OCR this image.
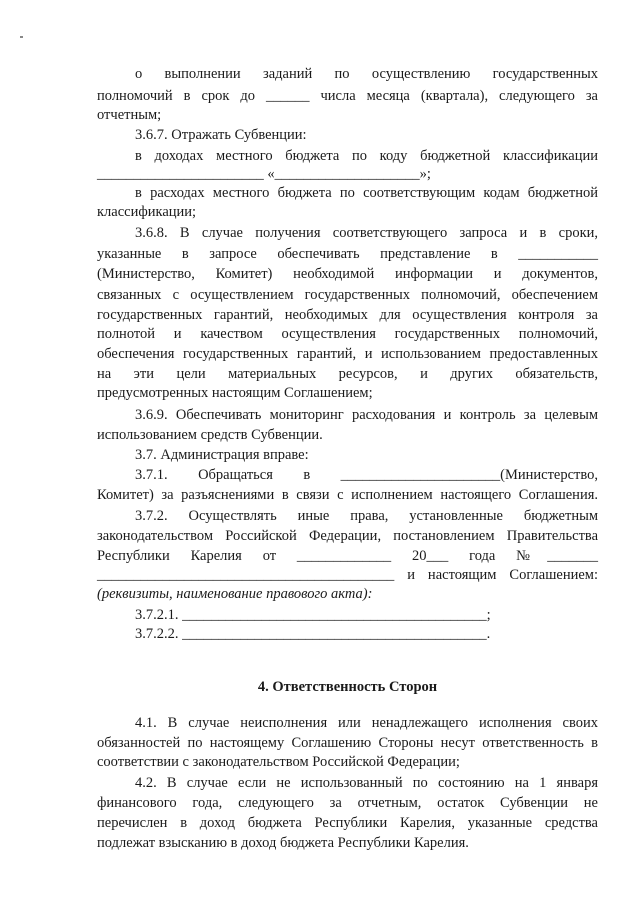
о выполнении заданий по осуществлению государственных
полномочий в срок до ______ числа месяца (квартала), следующего за
отчетным;
3.6.7. Отражать Субвенции:
в доходах местного бюджета по коду бюджетной классификации
_______________________ «____________________»;
в расходах местного бюджета по соответствующим кодам бюджетной
классификации;
3.6.8. В случае получения соответствующего запроса и в сроки,
указанные в запросе обеспечивать представление в ___________
(Министерство, Комитет) необходимой информации и документов,
связанных с осуществлением государственных полномочий, обеспечением
государственных гарантий, необходимых для осуществления контроля за
полнотой и качеством осуществления государственных полномочий,
обеспечения государственных гарантий, и использованием предоставленных
на эти цели материальных ресурсов, и других обязательств,
предусмотренных настоящим Соглашением;
3.6.9. Обеспечивать мониторинг расходования и контроль за целевым
использованием средств Субвенции.
3.7. Администрация вправе:
3.7.1. Обращаться в ______________________(Министерство,
Комитет) за разъяснениями в связи с исполнением настоящего Соглашения.
3.7.2. Осуществлять иные права, установленные бюджетным
законодательством Российской Федерации, постановлением Правительства
Республики Карелия от _____________ 20___ года №_______
_________________________________________ и настоящим Соглашением:
(реквизиты, наименование правового акта):
3.7.2.1. __________________________________________;
3.7.2.2. __________________________________________.
4. Ответственность Сторон
4.1. В случае неисполнения или ненадлежащего исполнения своих
обязанностей по настоящему Соглашению Стороны несут ответственность в
соответствии с законодательством Российской Федерации;
4.2. В случае если не использованный по состоянию на 1 января
финансового года, следующего за отчетным, остаток Субвенции не
перечислен в доход бюджета Республики Карелия, указанные средства
подлежат взысканию в доход бюджета Республики Карелия.
